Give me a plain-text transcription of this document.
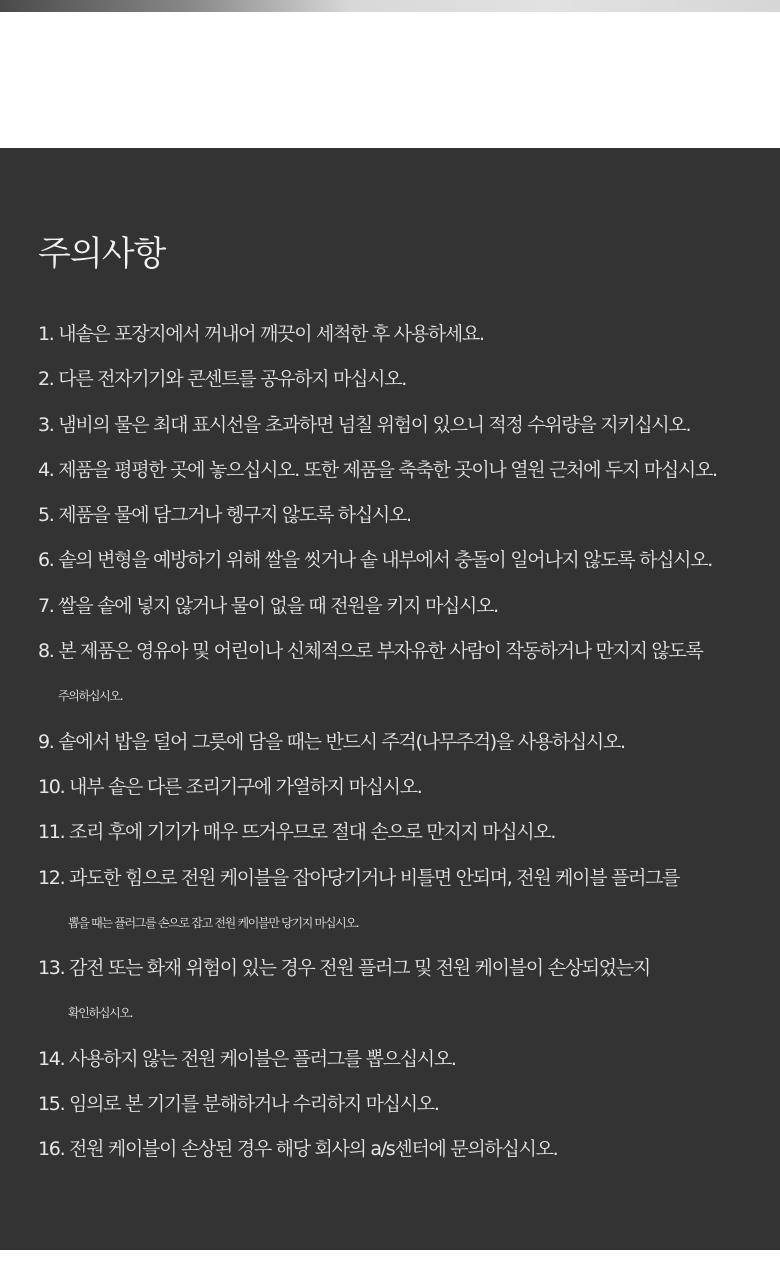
주의사항
1. 내솥은 포장지에서 꺼내어 깨끗이 세척한 후 사용하세요.
2. 다른 전자기기와 콘센트를 공유하지 마십시오.
3. 냄비의 물은 최대 표시선을 초과하면 넘칠 위험이 있으니 적정 수위량을 지키십시오.
4. 제품을 평평한 곳에 놓으십시오. 또한 제품을 축축한 곳이나 열원 근처에 두지 마십시오.
5. 제품을 물에 담그거나 헹구지 않도록 하십시오.
6. 솥의 변형을 예방하기 위해 쌀을 씻거나 솥 내부에서 충돌이 일어나지 않도록 하십시오.
7. 쌀을 솥에 넣지 않거나 물이 없을 때 전원을 키지 마십시오.
8. 본 제품은 영유아 및 어린이나 신체적으로 부자유한 사람이 작동하거나 만지지 않도록
주의하십시오.
9. 솥에서 밥을 덜어 그릇에 담을 때는 반드시 주걱(나무주걱)을 사용하십시오.
10. 내부 솥은 다른 조리기구에 가열하지 마십시오.
11. 조리 후에 기기가 매우 뜨거우므로 절대 손으로 만지지 마십시오.
12. 과도한 힘으로 전원 케이블을 잡아당기거나 비틀면 안되며, 전원 케이블 플러그를
뽑을 때는 플러그를 손으로 잡고 전원 케이블만 당기지 마십시오.
13. 감전 또는 화재 위험이 있는 경우 전원 플러그 및 전원 케이블이 손상되었는지
확인하십시오.
14. 사용하지 않는 전원 케이블은 플러그를 뽑으십시오.
15. 임의로 본 기기를 분해하거나 수리하지 마십시오.
16. 전원 케이블이 손상된 경우 해당 회사의 a/s센터에 문의하십시오.
